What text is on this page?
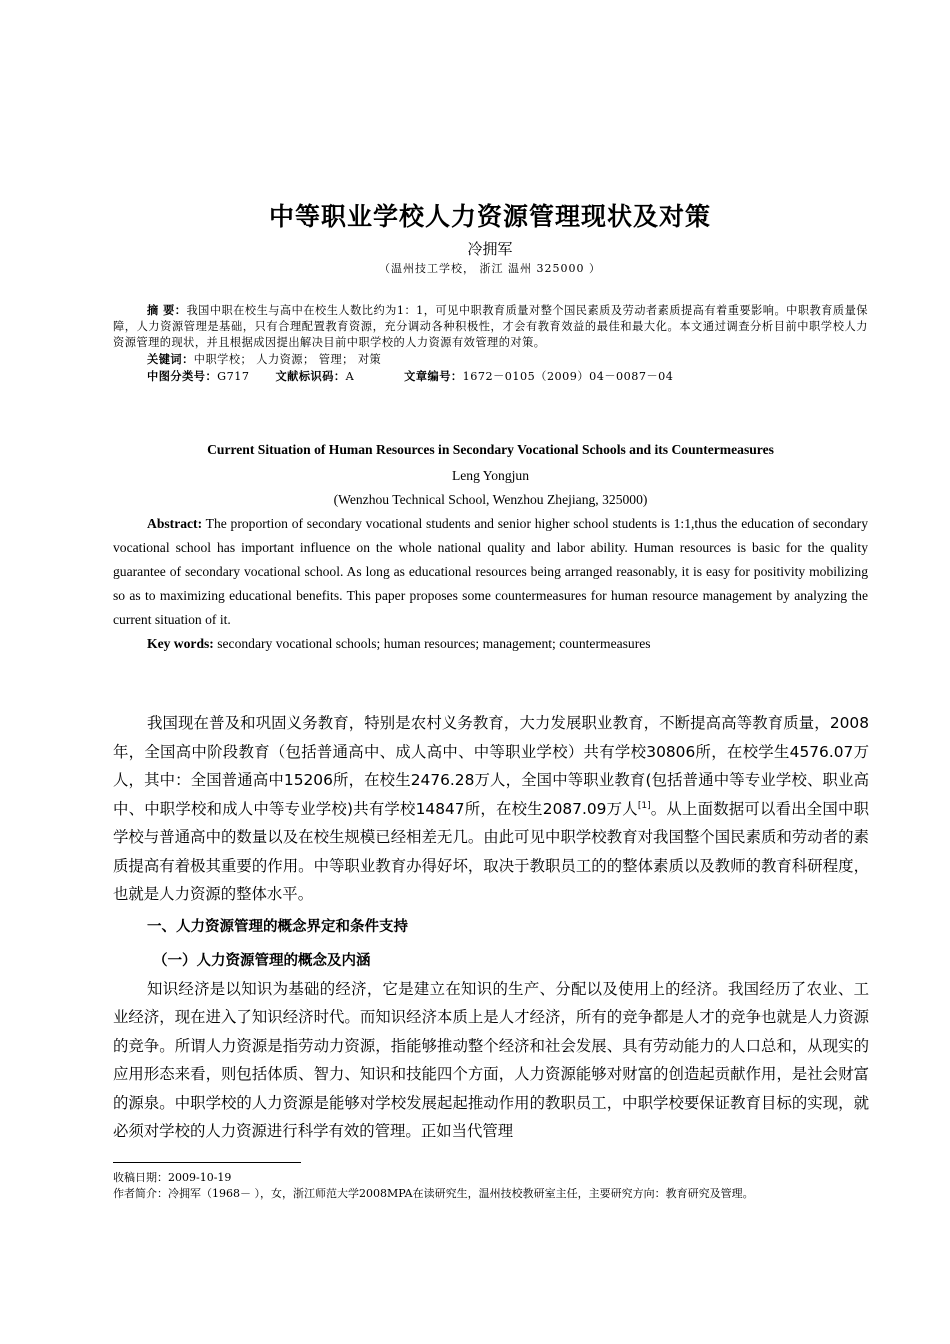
中等职业学校人力资源管理现状及对策
冷拥军
（温州技工学校， 浙江 温州 325000 ）

摘 要：我国中职在校生与高中在校生人数比约为1：1，可见中职教育质量对整个国民素质及劳动者素质提高有着重要影响。中职教育质量保障，人力资源管理是基础，只有合理配置教育资源，充分调动各种积极性，才会有教育效益的最佳和最大化。本文通过调查分析目前中职学校人力资源管理的现状，并且根据成因提出解决目前中职学校的人力资源有效管理的对策。

关键词：中职学校； 人力资源； 管理； 对策
中图分类号：G717 文献标识码：A	文章编号：1672－0105（2009）04－0087－04
Current Situation of Human Resources in Secondary Vocational Schools and its Countermeasures
Leng Yongjun
(Wenzhou Technical School, Wenzhou Zhejiang, 325000)

Abstract: The proportion of secondary vocational students and senior higher school students is 1:1,thus the education of secondary vocational school has important influence on the whole national quality and labor ability. Human resources is basic for the quality guarantee of secondary vocational school. As long as educational resources being arranged reasonably, it is easy for positivity mobilizing so as to maximizing educational benefits. This paper proposes some countermeasures for human resource management by analyzing the current situation of it.

Key words: secondary vocational schools; human resources; management; countermeasures

我国现在普及和巩固义务教育，特别是农村义务教育，大力发展职业教育，不断提高高等教育质量，2008年，全国高中阶段教育（包括普通高中、成人高中、中等职业学校）共有学校30806所，在校学生4576.07万人，其中：全国普通高中15206所，在校生2476.28万人，全国中等职业教育(包括普通中等专业学校、职业高中、中职学校和成人中等专业学校)共有学校14847所，在校生2087.09万人[1]。从上面数据可以看出全国中职学校与普通高中的数量以及在校生规模已经相差无几。由此可见中职学校教育对我国整个国民素质和劳动者的素质提高有着极其重要的作用。中等职业教育办得好坏，取决于教职员工的的整体素质以及教师的教育科研程度，也就是人力资源的整体水平。

一、人力资源管理的概念界定和条件支持
（一）人力资源管理的概念及内涵

知识经济是以知识为基础的经济，它是建立在知识的生产、分配以及使用上的经济。我国经历了农业、工业经济，现在进入了知识经济时代。而知识经济本质上是人才经济，所有的竞争都是人才的竞争也就是人力资源的竞争。所谓人力资源是指劳动力资源，指能够推动整个经济和社会发展、具有劳动能力的人口总和，从现实的应用形态来看，则包括体质、智力、知识和技能四个方面，人力资源能够对财富的创造起贡献作用，是社会财富的源泉。中职学校的人力资源是能够对学校发展起起推动作用的教职员工，中职学校要保证教育目标的实现，就必须对学校的人力资源进行科学有效的管理。正如当代管理

收稿日期：2009-10-19

作者简介：冷拥军（1968－ ），女，浙江师范大学2008MPA在读研究生，温州技校教研室主任，主要研究方向：教育研究及管理。
